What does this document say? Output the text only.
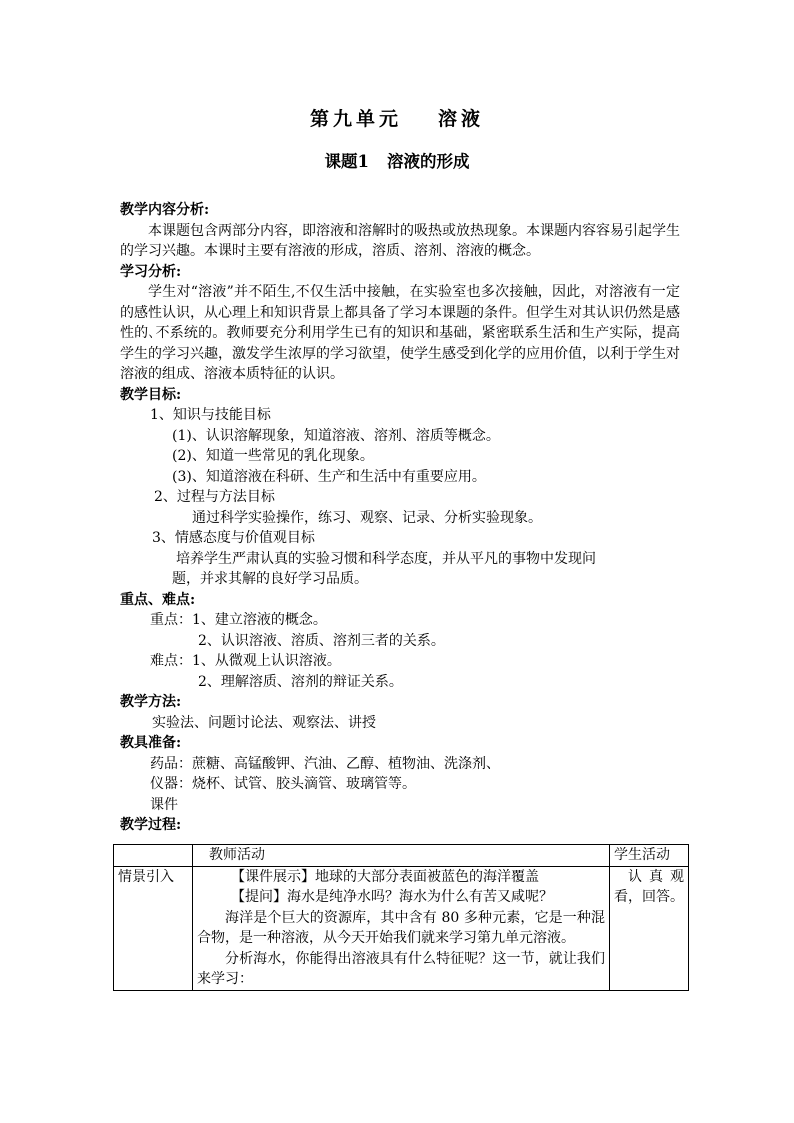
第九单元 溶液
课题1 溶液的形成
教学内容分析:
本课题包含两部分内容，即溶液和溶解时的吸热或放热现象。本课题内容容易引起学生的学习兴趣。本课时主要有溶液的形成，溶质、溶剂、溶液的概念。
学习分析:
学生对“溶液”并不陌生,不仅生活中接触，在实验室也多次接触，因此，对溶液有一定的感性认识，从心理上和知识背景上都具备了学习本课题的条件。但学生对其认识仍然是感性的､不系统的。教师要充分利用学生已有的知识和基础，紧密联系生活和生产实际，提高学生的学习兴趣，激发学生浓厚的学习欲望，使学生感受到化学的应用价值，以利于学生对溶液的组成、溶液本质特征的认识。
教学目标:
1、知识与技能目标
(1)、认识溶解现象，知道溶液、溶剂、溶质等概念。
(2)、知道一些常见的乳化现象。
(3)、知道溶液在科研、生产和生活中有重要应用。
2、过程与方法目标
通过科学实验操作，练习、观察、记录、分析实验现象。
3、情感态度与价值观目标
培养学生严肃认真的实验习惯和科学态度，并从平凡的事物中发现问
题，并求其解的良好学习品质。
重点、难点:
重点：1、建立溶液的概念。
2、认识溶液、溶质、溶剂三者的关系。
难点：1、从微观上认识溶液。
2、理解溶质、溶剂的辩证关系。
教学方法:
实验法、问题讨论法、观察法、讲授
教具准备:
药品：蔗糖、高锰酸钾、汽油、乙醇、植物油、洗涤剂、
仪器：烧杯、试管、胶头滴管、玻璃管等。
课件
教学过程:
	教师活动	学生活动
情景引入	【课件展示】地球的大部分表面被蓝色的海洋覆盖

【提问】海水是纯净水吗？海水为什么有苦又咸呢？

海洋是个巨大的资源库，其中含有 80 多种元素，它是一种混合物，是一种溶液，从今天开始我们就来学习第九单元溶液。

分析海水，你能得出溶液具有什么特征呢？这一节，就让我们来学习：	认真观看，回答。
